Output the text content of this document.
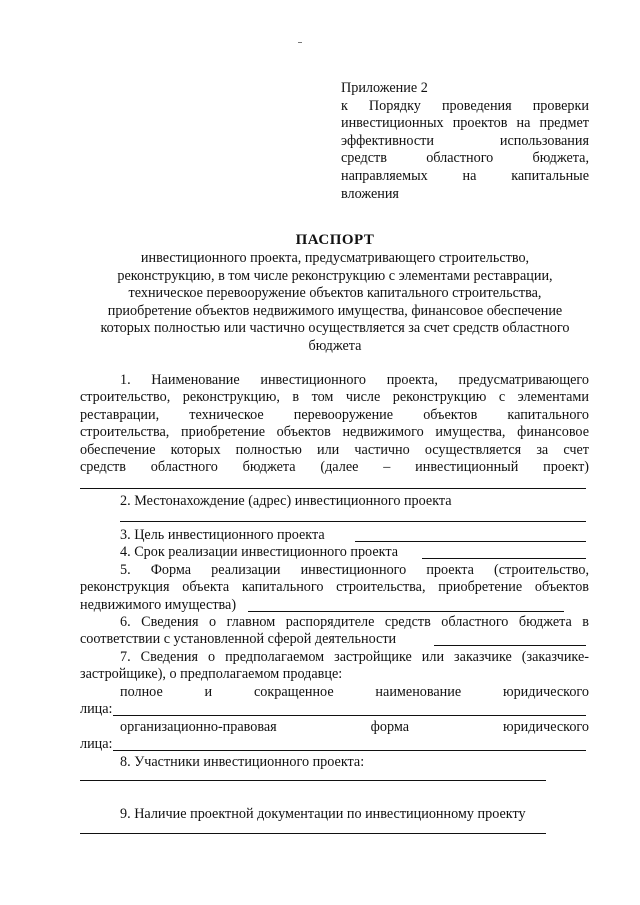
Приложение 2
к Порядку проведения проверки
инвестиционных проектов на предмет
эффективности использования
средств областного бюджета,
направляемых на капитальные
вложения
ПАСПОРТ
инвестиционного проекта, предусматривающего строительство,
реконструкцию, в том числе реконструкцию с элементами реставрации,
техническое перевооружение объектов капитального строительства,
приобретение объектов недвижимого имущества, финансовое обеспечение
которых полностью или частично осуществляется за счет средств областного
бюджета
1. Наименование инвестиционного проекта, предусматривающего
строительство, реконструкцию, в том числе реконструкцию с элементами
реставрации, техническое перевооружение объектов капитального
строительства, приобретение объектов недвижимого имущества, финансовое
обеспечение которых полностью или частично осуществляется за счет
средств областного бюджета (далее – инвестиционный проект)
2. Местонахождение (адрес) инвестиционного проекта
3. Цель инвестиционного проекта
4. Срок реализации инвестиционного проекта
5. Форма реализации инвестиционного проекта (строительство,
реконструкция объекта капитального строительства, приобретение объектов
недвижимого имущества)
6. Сведения о главном распорядителе средств областного бюджета в
соответствии с установленной сферой деятельности
7. Сведения о предполагаемом застройщике или заказчике (заказчике-
застройщике), о предполагаемом продавце:
полное и сокращенное наименование юридического
лица:
организационно-правовая форма юридического
лица:
8. Участники инвестиционного проекта:
9. Наличие проектной документации по инвестиционному проекту
